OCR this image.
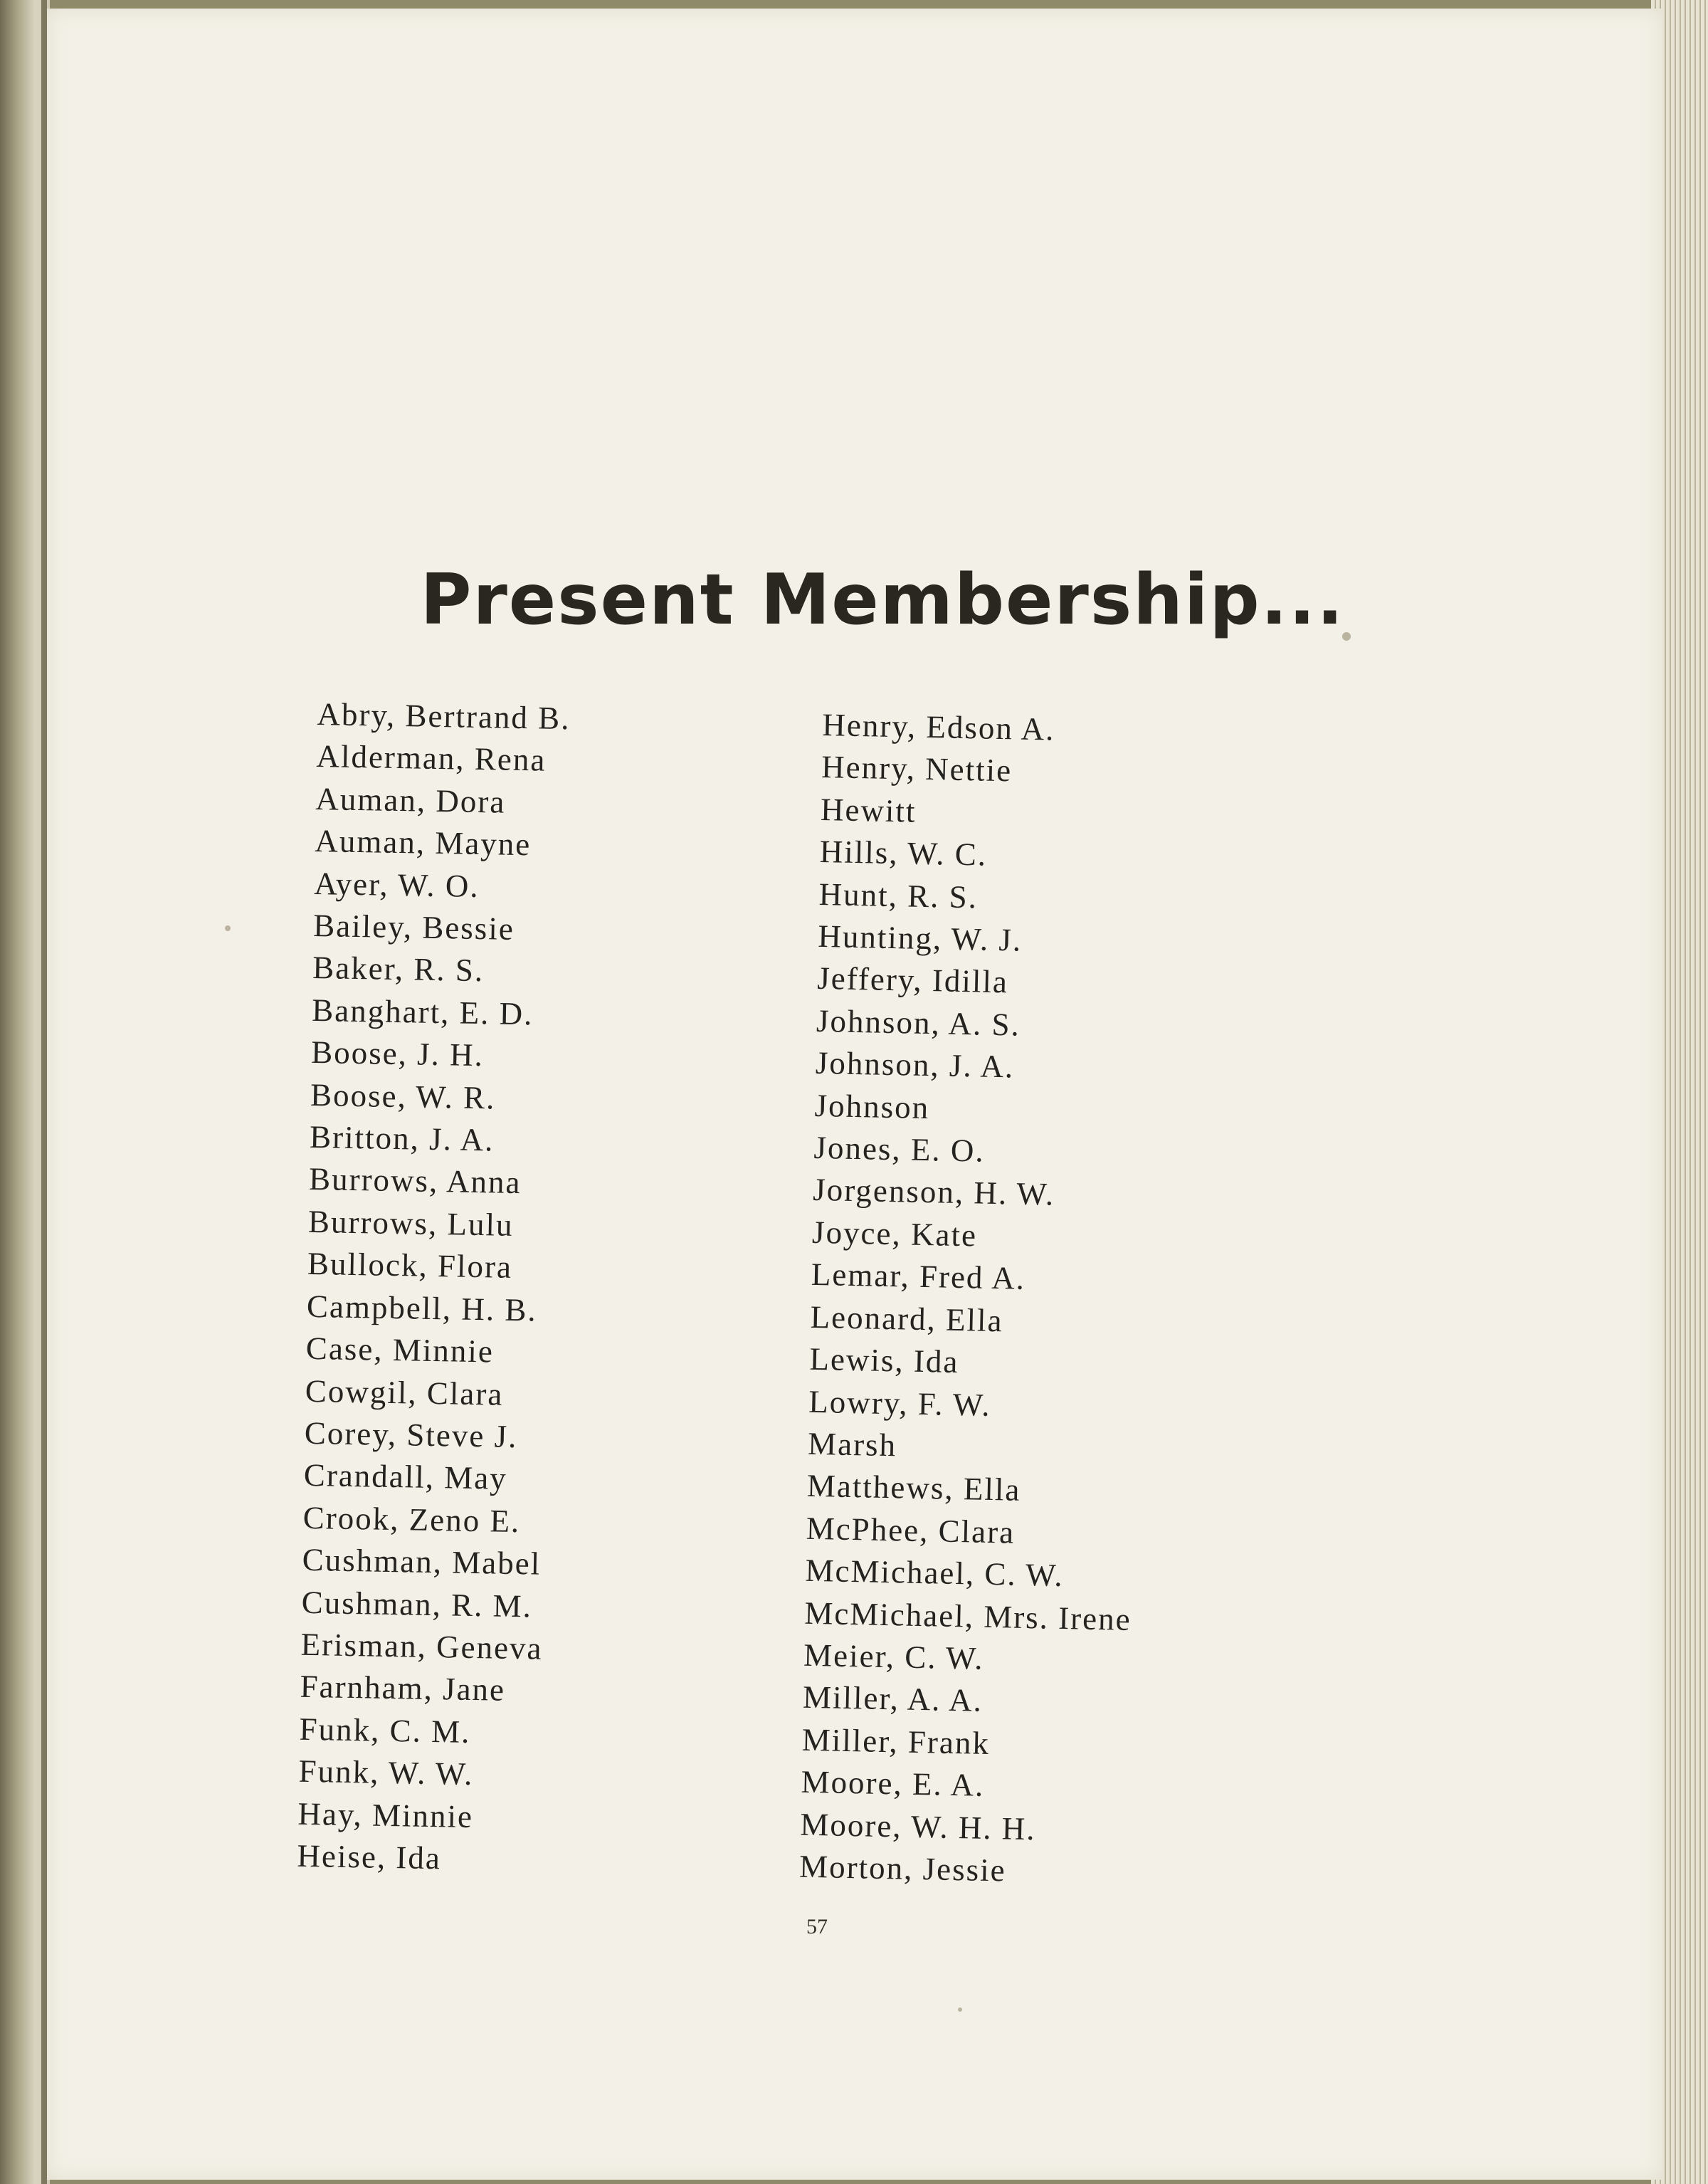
Present Membership...
Abry, Bertrand B.
Alderman, Rena
Auman, Dora
Auman, Mayne
Ayer, W. O.
Bailey, Bessie
Baker, R. S.
Banghart, E. D.
Boose, J. H.
Boose, W. R.
Britton, J. A.
Burrows, Anna
Burrows, Lulu
Bullock, Flora
Campbell, H. B.
Case, Minnie
Cowgil, Clara
Corey, Steve J.
Crandall, May
Crook, Zeno E.
Cushman, Mabel
Cushman, R. M.
Erisman, Geneva
Farnham, Jane
Funk, C. M.
Funk, W. W.
Hay, Minnie
Heise, Ida
Henry, Edson A.
Henry, Nettie
Hewitt
Hills, W. C.
Hunt, R. S.
Hunting, W. J.
Jeffery, Idilla
Johnson, A. S.
Johnson, J. A.
Johnson
Jones, E. O.
Jorgenson, H. W.
Joyce, Kate
Lemar, Fred A.
Leonard, Ella
Lewis, Ida
Lowry, F. W.
Marsh
Matthews, Ella
McPhee, Clara
McMichael, C. W.
McMichael, Mrs. Irene
Meier, C. W.
Miller, A. A.
Miller, Frank
Moore, E. A.
Moore, W. H. H.
Morton, Jessie
57
